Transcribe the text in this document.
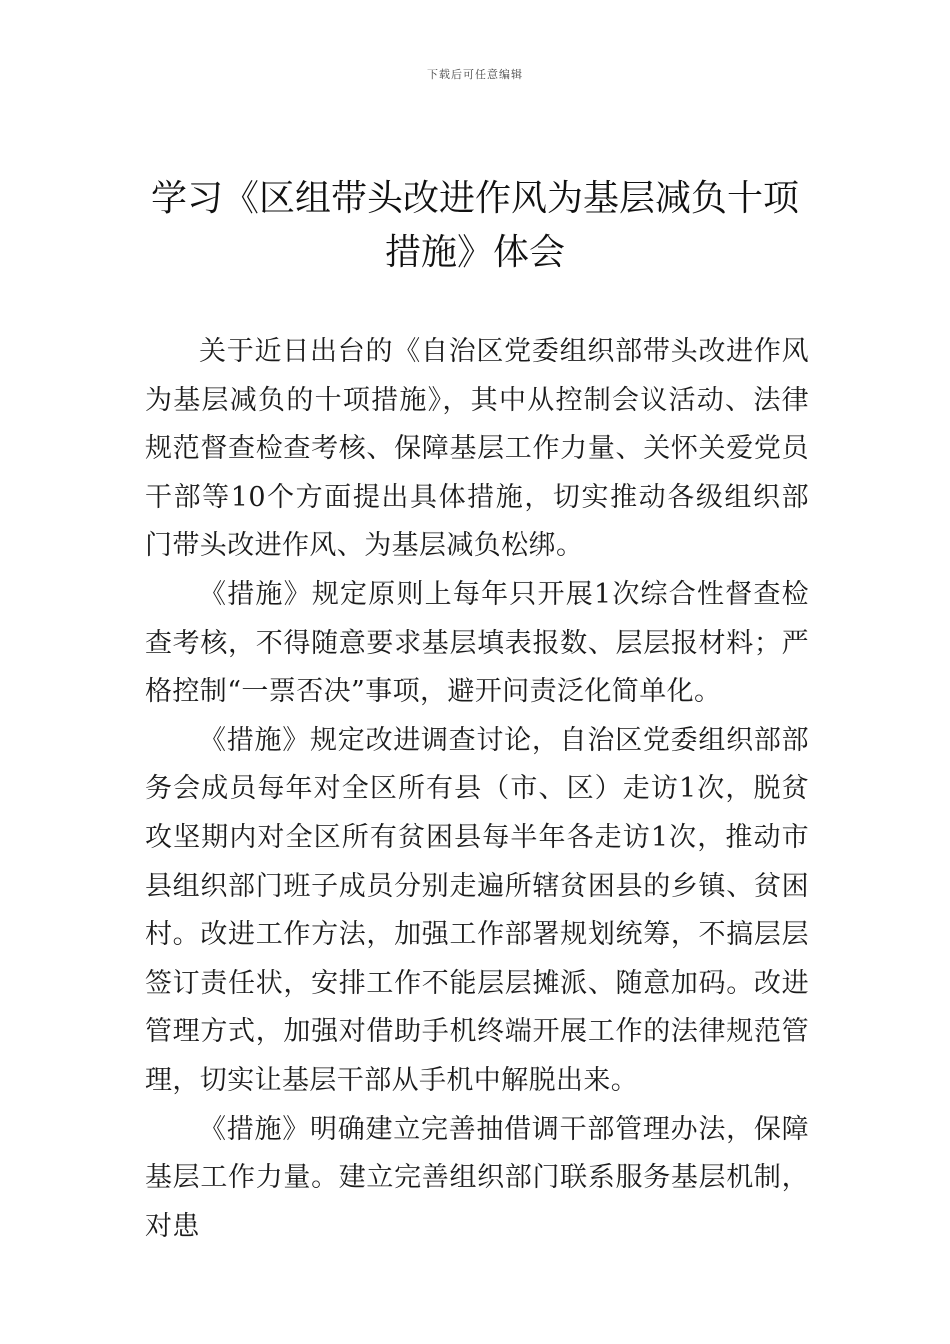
下载后可任意编辑
学习《区组带头改进作风为基层减负十项
措施》体会

关于近日出台的《自治区党委组织部带头改进作风为基层减负的十项措施》，其中从控制会议活动、法律规范督查检查考核、保障基层工作力量、关怀关爱党员干部等10个方面提出具体措施，切实推动各级组织部门带头改进作风、为基层减负松绑。

《措施》规定原则上每年只开展1次综合性督查检查考核，不得随意要求基层填表报数、层层报材料；严格控制“一票否决”事项，避开问责泛化简单化。

《措施》规定改进调查讨论，自治区党委组织部部务会成员每年对全区所有县（市、区）走访1次，脱贫攻坚期内对全区所有贫困县每半年各走访1次，推动市县组织部门班子成员分别走遍所辖贫困县的乡镇、贫困村。改进工作方法，加强工作部署规划统筹，不搞层层签订责任状，安排工作不能层层摊派、随意加码。改进管理方式，加强对借助手机终端开展工作的法律规范管理，切实让基层干部从手机中解脱出来。

《措施》明确建立完善抽借调干部管理办法，保障基层工作力量。建立完善组织部门联系服务基层机制，对患
